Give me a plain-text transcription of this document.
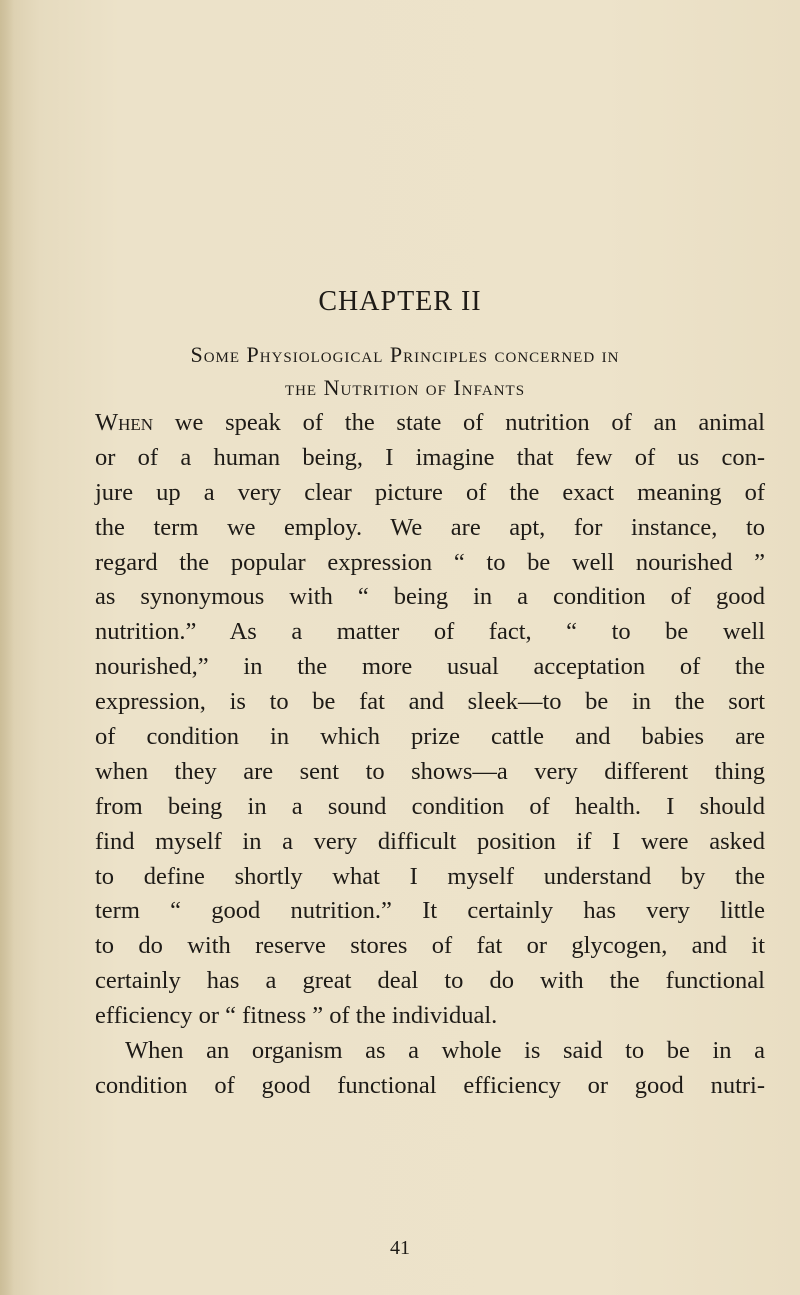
CHAPTER II
Some Physiological Principles concerned in
the Nutrition of Infants
When we speak of the state of nutrition of an animal
or of a human being, I imagine that few of us con-
jure up a very clear picture of the exact meaning of
the term we employ. We are apt, for instance, to
regard the popular expression “ to be well nourished ”
as synonymous with “ being in a condition of good
nutrition.” As a matter of fact, “ to be well
nourished,” in the more usual acceptation of the
expression, is to be fat and sleek—to be in the sort
of condition in which prize cattle and babies are
when they are sent to shows—a very different thing
from being in a sound condition of health. I should
find myself in a very difficult position if I were asked
to define shortly what I myself understand by the
term “ good nutrition.” It certainly has very little
to do with reserve stores of fat or glycogen, and it
certainly has a great deal to do with the functional
efficiency or “ fitness ” of the individual.
When an organism as a whole is said to be in a
condition of good functional efficiency or good nutri-
41
